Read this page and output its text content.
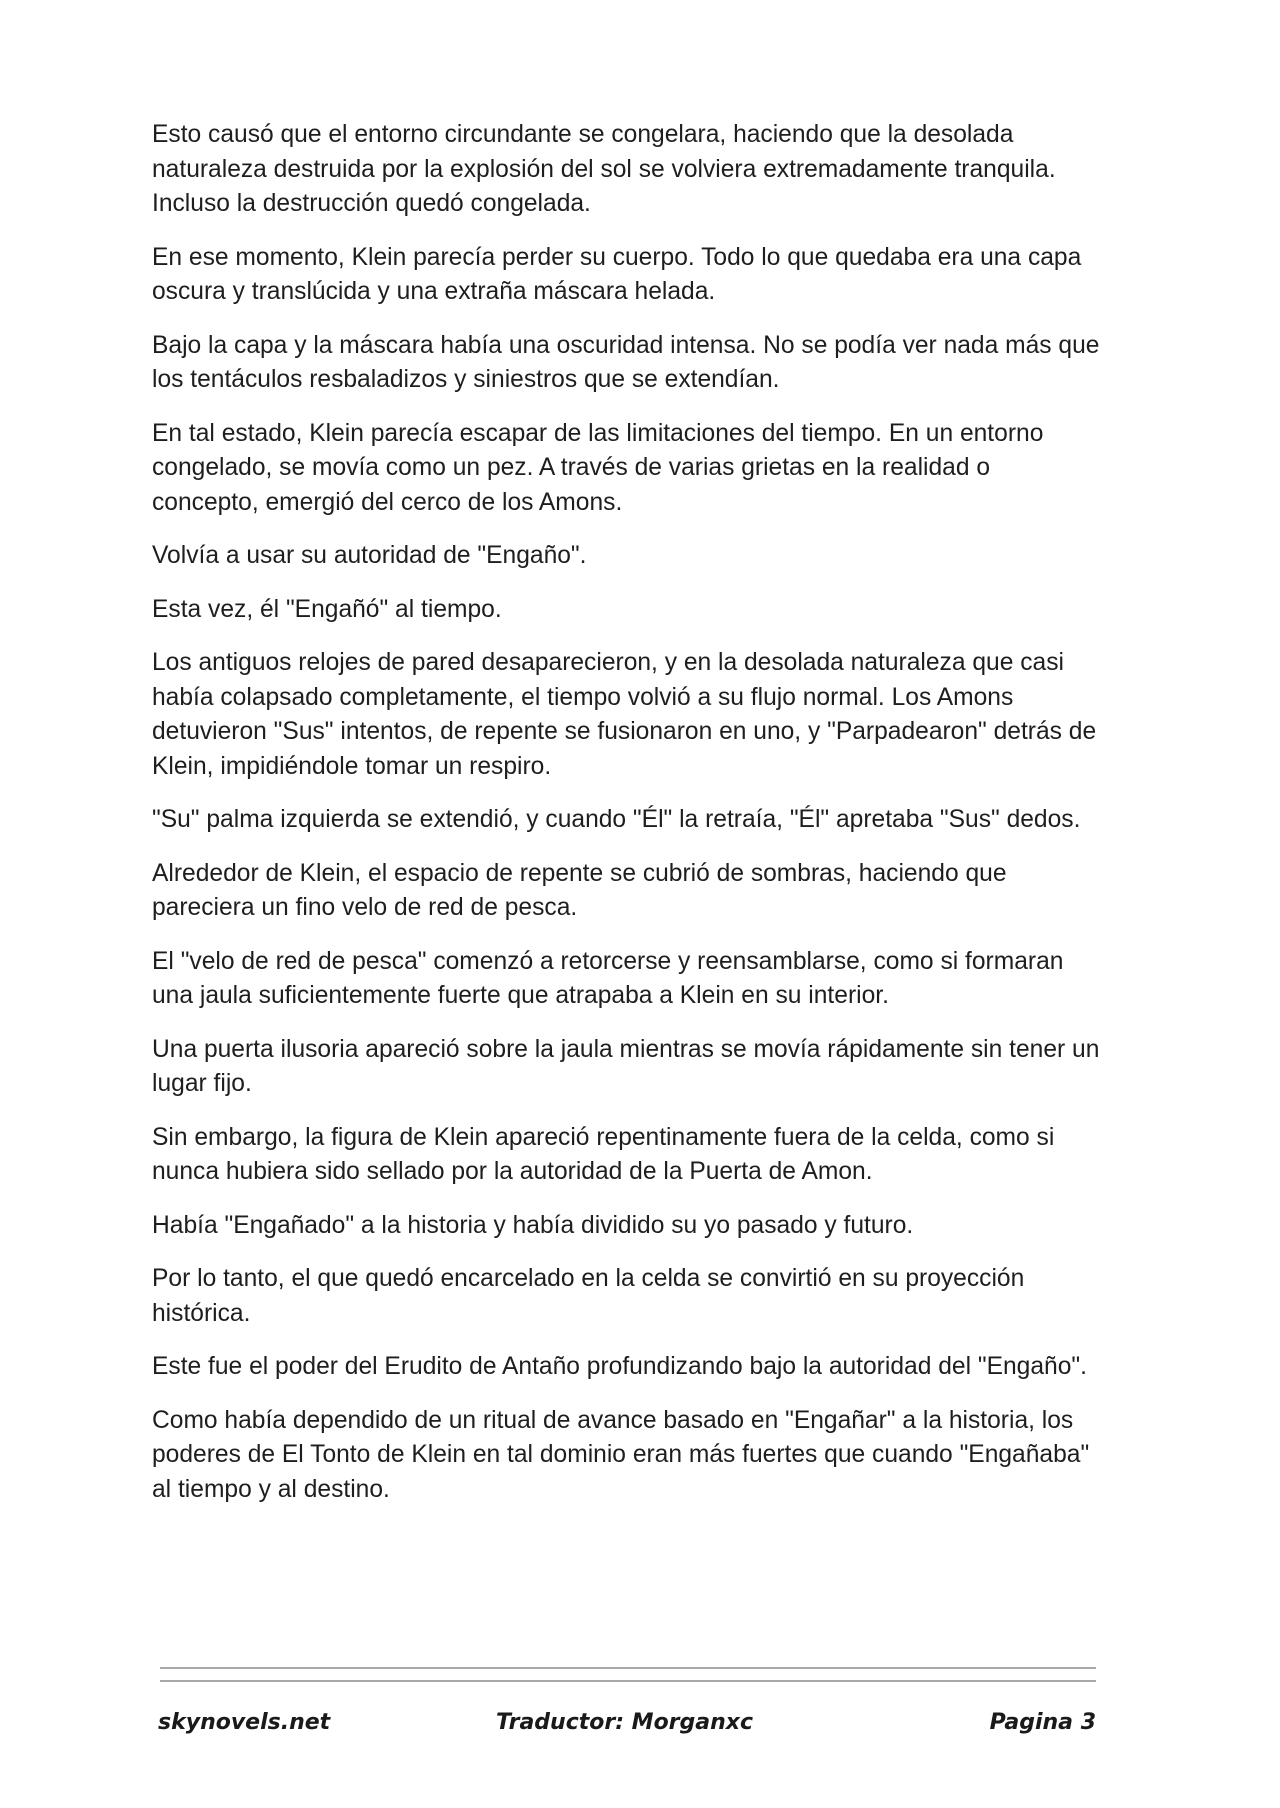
Esto causó que el entorno circundante se congelara, haciendo que la desolada naturaleza destruida por la explosión del sol se volviera extremadamente tranquila. Incluso la destrucción quedó congelada.

En ese momento, Klein parecía perder su cuerpo. Todo lo que quedaba era una capa oscura y translúcida y una extraña máscara helada.

Bajo la capa y la máscara había una oscuridad intensa. No se podía ver nada más que los tentáculos resbaladizos y siniestros que se extendían.

En tal estado, Klein parecía escapar de las limitaciones del tiempo. En un entorno congelado, se movía como un pez. A través de varias grietas en la realidad o concepto, emergió del cerco de los Amons.

Volvía a usar su autoridad de "Engaño".

Esta vez, él "Engañó" al tiempo.

Los antiguos relojes de pared desaparecieron, y en la desolada naturaleza que casi había colapsado completamente, el tiempo volvió a su flujo normal. Los Amons detuvieron "Sus" intentos, de repente se fusionaron en uno, y "Parpadearon" detrás de Klein, impidiéndole tomar un respiro.

"Su" palma izquierda se extendió, y cuando "Él" la retraía, "Él" apretaba "Sus" dedos.

Alrededor de Klein, el espacio de repente se cubrió de sombras, haciendo que pareciera un fino velo de red de pesca.

El "velo de red de pesca" comenzó a retorcerse y reensamblarse, como si formaran una jaula suficientemente fuerte que atrapaba a Klein en su interior.

Una puerta ilusoria apareció sobre la jaula mientras se movía rápidamente sin tener un lugar fijo.

Sin embargo, la figura de Klein apareció repentinamente fuera de la celda, como si nunca hubiera sido sellado por la autoridad de la Puerta de Amon.

Había "Engañado" a la historia y había dividido su yo pasado y futuro.

Por lo tanto, el que quedó encarcelado en la celda se convirtió en su proyección histórica.

Este fue el poder del Erudito de Antaño profundizando bajo la autoridad del "Engaño".

Como había dependido de un ritual de avance basado en "Engañar" a la historia, los poderes de El Tonto de Klein en tal dominio eran más fuertes que cuando "Engañaba" al tiempo y al destino.

skynovels.net	Traductor: Morganxc	Pagina 3
